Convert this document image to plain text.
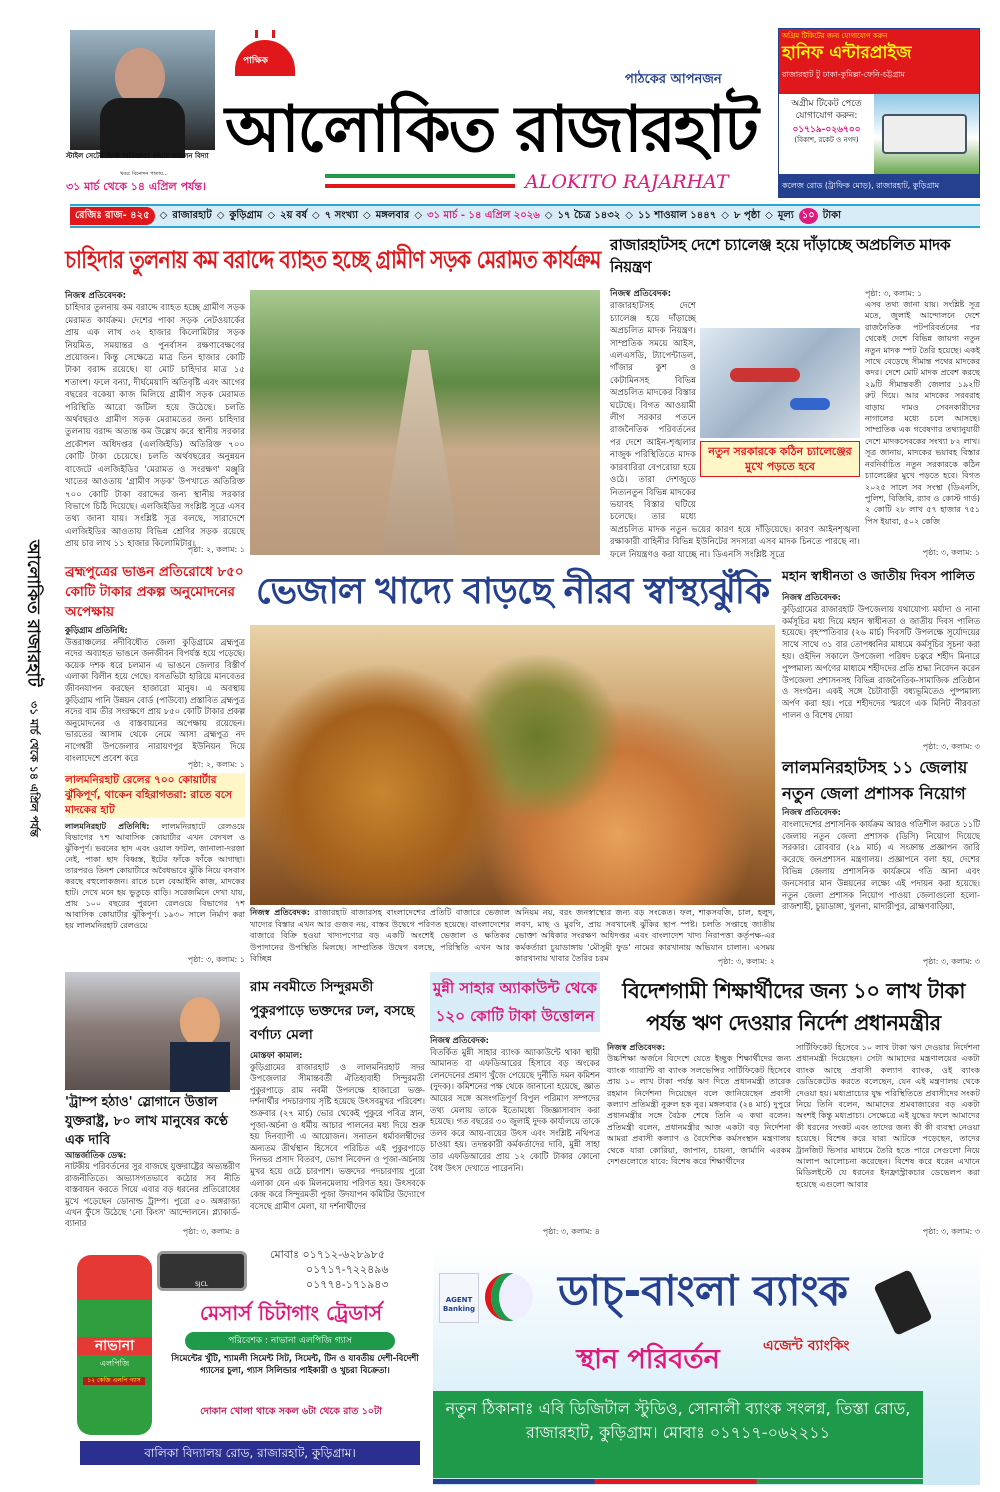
স্টাইল সেটের ভিক্ত অভিজ্ঞতা শেয়ার করলেন বিদ্যা
খবর: বিনোদন পাতায়...
৩১ মার্চ থেকে ১৪ এপ্রিল পর্যন্ত।
পাক্ষিক
পাঠকের আপনজন
আলোকিত রাজারহাট
ALOKITO RAJARHAT
অগ্রিম টিকিটের জন্য যোগাযোগ করুন
হানিফ এন্টারপ্রাইজ
রাজারহাট টু ঢাকা-কুমিল্লা-ফেনি-চট্টগ্রাম
অগ্রীম টিকেট পেতে যোগাযোগ করুন:
০১৭১৯-০২৬৭০০
(বিকাশ, রকেট ও নগদ)
কলেজ রোড (ট্রাফিক মোড়), রাজারহাট, কুড়িগ্রাম
রেজিঃ রাজ- ৪২৫	◇ রাজারহাট ◇ কুড়িগ্রাম ◇ ২য় বর্ষ ◇ ৭ সংখ্যা ◇ মঙ্গলবার ◇ ৩১ মার্চ - ১৪ এপ্রিল ২০২৬ ◇ ১৭ চৈত্র ১৪৩২ ◇ ১১ শাওয়াল ১৪৪৭ ◇ ৮ পৃষ্ঠা ◇ মূল্য ১০ টাকা
আলোকিত রাজারহাট
৩১ মার্চ থেকে ১৪ এপ্রিল পর্যন্ত
চাহিদার তুলনায় কম বরাদ্দে ব্যাহত হচ্ছে গ্রামীণ সড়ক মেরামত কার্যক্রম
নিজস্ব প্রতিবেদক:
চাহিদার তুলনায় কম বরাদ্দে ব্যাহত হচ্ছে গ্রামীণ সড়ক মেরামত কার্যক্রম। দেশের পাকা সড়ক নেটওয়ার্কের প্রায় এক লাখ ৩২ হাজার কিলোমিটার সড়ক নিয়মিত, সময়ান্তর ও পুনর্বাসন রক্ষণাবেক্ষণের প্রয়োজন। কিন্তু সেক্ষেত্রে মাত্র তিন হাজার কোটি টাকা বরাদ্দ রয়েছে। যা মোট চাহিদার মাত্র ১৫ শতাংশ। ফলে বন্যা, দীর্ঘমেয়াদি অতিবৃষ্টি এবং আগের বছরের বকেয়া কাজ মিলিয়ে গ্রামীণ সড়ক মেরামত পরিস্থিতি আরো জটিল হয়ে উঠেছে। চলতি অর্থবছরও গ্রামীণ সড়ক মেরামতের জন্য চাহিদার তুলনায় বরাদ্দ অত্যন্ত কম উল্লেখ করে স্থানীয় সরকার প্রকৌশল অধিদপ্তর (এলজিইডি) অতিরিক্ত ৭০০ কোটি টাকা চেয়েছে। চলতি অর্থবছরের অনুন্নয়ন বাজেটে এলজিইডির 'মেরামত ও সংরক্ষণ' মঞ্জুরি খাতের আওতায় 'গ্রামীণ সড়ক' উপখাতে অতিরিক্ত ৭০০ কোটি টাকা বরাদ্দের জন্য স্থানীয় সরকার বিভাগে চিঠি দিয়েছে। এলজিইডির সংশ্লিষ্ট সূত্রে এসব তথ্য জানা যায়। সংশ্লিষ্ট সূত্র বলছে, সারাদেশে এলজিইডির আওতায় বিভিন্ন শ্রেণির সড়ক রয়েছে প্রায় চার লাখ ১১ হাজার কিলোমিটার।
পৃষ্ঠা: ২, কলাম: ১
রাজারহাটসহ দেশে চ্যালেঞ্জ হয়ে দাঁড়াচ্ছে অপ্রচলিত মাদক নিয়ন্ত্রণ
নতুন সরকারকে কঠিন চ্যালেঞ্জের মুখে পড়তে হবে
নিজস্ব প্রতিবেদক:
রাজারহাটসহ দেশে চ্যালেঞ্জ হয়ে দাঁড়াচ্ছে অপ্রচলিত মাদক নিয়ন্ত্রণ। সাম্প্রতিক সময়ে আইস, এলএসডি, ট্যাপেন্টাডল, গাঁজার কুশ ও কেটামিনসহ বিভিন্ন অপ্রচলিত মাদকের বিস্তার ঘটেছে। বিগত আওয়ামী লীগ সরকার পতনে রাজনৈতিক পরিবর্তনের পর দেশে আইন-শৃঙ্খলার নাজুক পরিস্থিতিতে মাদক কারবারিরা বেপরোয়া হয়ে ওঠে। তারা দেশজুড়ে নিত্যনতুন বিভিন্ন মাদকের ভয়াবহ বিস্তার ঘটিয়ে চলেছে। তার মধ্যে অপ্রচলিত মাদক নতুন ভয়ের কারণ হয়ে দাঁড়িয়েছে। কারণ আইনশৃঙ্খলা রক্ষাকারী বাহিনীর বিভিন্ন ইউনিটের সদস্যরা এসব মাদক চিনতে পারছে না। ফলে নিয়ন্ত্রণও করা যাচ্ছে না। ডিএনসি সংশ্লিষ্ট সূত্রে
পৃষ্ঠা: ৩, কলাম: ১
এসব তথ্য জানা যায়। সংশ্লিষ্ট সূত্র মতে, জুলাই আন্দোলনে দেশে রাজনৈতিক পটপরিবর্তনের পর থেকেই দেশে বিভিন্ন জায়গা নতুন নতুন মাদক স্পট তৈরি হয়েছে। একই সাথে বেড়েছে সীমান্ত পথের মাদকের কদর। দেশে মোট মাদক প্রবেশ করছে ২৯টি সীমান্তবর্তী জেলার ১৯২টি রুট দিয়ে। আর মাদকের সরবরাহ বাড়ায় দামও সেবনকারীদের নাগালের মধ্যে চলে আসছে। সাম্প্রতিক এক গবেষণার তথ্যানুযায়ী দেশে মাদকসেবকের সংখ্যা ৮২ লাখ। সূত্র জানায়, মাদকের ভয়াবহ বিস্তার নবনির্বাচিত নতুন সরকারকে কঠিন চ্যালেঞ্জের মুখে পড়তে হবে। বিগত ২০২৫ সালে সব সংস্থা (ডিএনসি, পুলিশ, বিজিবি, র‍্যাব ও কোস্ট গার্ড) ২ কোটি ২৮ লাখ ৫৭ হাজার ৭৫১ পিস ইয়াবা, ৫০২ কেজি
পৃষ্ঠা: ৩, কলাম: ১
ব্রহ্মপুত্রের ভাঙন প্রতিরোধে ৮৫০ কোটি টাকার প্রকল্প অনুমোদনের অপেক্ষায়
কুড়িগ্রাম প্রতিনিধি:
উত্তরাঞ্চলের নদীবিধৌত জেলা কুড়িগ্রামে ব্রহ্মপুত্র নদের অব্যাহত ভাঙনে জনজীবন বিপর্যস্ত হয়ে পড়েছে। কয়েক দশক ধরে চলমান এ ভাঙনে জেলার বিস্তীর্ণ এলাকা বিলীন হয়ে গেছে। বসতভিটা হারিয়ে মানবেতর জীবনযাপন করছেন হাজারো মানুষ। এ অবস্থায় কুড়িগ্রাম পানি উন্নয়ন বোর্ড (পাউবো) প্রস্তাবিত ব্রহ্মপুত্র নদের বাম তীর সংরক্ষণে প্রায় ৮৫০ কোটি টাকার প্রকল্প অনুমোদনের ও বাস্তবায়নের অপেক্ষায় রয়েছেন। ভারতের আসাম থেকে নেমে আসা ব্রহ্মপুত্র নদ নাগেশ্বরী উপজেলার নারায়ণপুর ইউনিয়ন দিয়ে বাংলাদেশে প্রবেশ করে
পৃষ্ঠা: ২, কলাম: ১
লালমনিরহাট রেলের ৭০০ কোয়ার্টার ঝুঁকিপূর্ণ, থাকেন বহিরাগতরা: রাতে বসে মাদকের হাট
লালমনিরহাট প্রতিনিধি: লালমনিরহাটে রেলওয়ে বিভাগের ৭শ আবাসিক কোয়ার্টার এখন বেদখল ও ঝুঁকিপূর্ণ। ভবনের ছাদ এবং ওয়াল ফাটল, জানালা-দরজা নেই, পাকা ছাদ বিধ্বস্ত, ইটের ফাঁকে ফাঁকে আগাছা। তারপরও তিনশ কোয়ার্টারে অবৈধভাবে ঝুঁকি নিয়ে বসবাস করছে বহুলোকজন। রাতে চলে বেআইনি কাজ, মাদকের হাট। দেখে মনে হয় ভুতুড়ে বাড়ি। সরেজমিনে দেখা যায়, প্রায় ১০০ বছরের পুরনো রেলওয়ে বিভাগের ৭শ আবাসিক কোয়ার্টার ঝুঁকিপূর্ণ। ১৯৩০ সালে নির্মাণ করা হয় লালমনিরহাট রেলওয়ে
পৃষ্ঠা: ৩, কলাম: ১
ভেজাল খাদ্যে বাড়ছে নীরব স্বাস্থ্যঝুঁকি
নিজস্ব প্রতিবেদক: রাজারহাট বাজারসহ বাংলাদেশের প্রতিটি বাজারে ভেজাল খাদ্যের বিস্তার এখন আর গুজব নয়, বাস্তব উদ্বেগে পরিণত হয়েছে। বাংলাদেশের বাজারে বিক্রি হওয়া খাদ্যপণ্যের বড় একটি অংশেই ভেজাল ও ক্ষতিকর উপাদানের উপস্থিতি মিলছে। সাম্প্রতিক উদ্বেগ বলছে, পরিস্থিতি এখন আর বিচ্ছিন্ন
অনিয়ম নয়, বরং জনস্বাস্থ্যের জন্য বড় সংকেত। ফল, শাকসবজি, চাল, হলুদ, লবণ, মাছ ও মুরগি, প্রায় সবখানেই ঝুঁকির ছাপ স্পষ্ট। চলতি সপ্তাহে জাতীয় ভোক্তা অধিকার সংরক্ষণ অধিদপ্তর এবং বাংলাদেশ খাদ্য নিরাপত্তা কর্তৃপক্ষ-এর কর্মকর্তারা চুয়াডাঙ্গায় 'মৌসুমী ফুড' নামের কারখানায় অভিযান চালান। এসময় কারখানায় খাবার তৈরির চরম	পৃষ্ঠা: ৩, কলাম: ২
মহান স্বাধীনতা ও জাতীয় দিবস পালিত
নিজস্ব প্রতিবেদক:
কুড়িগ্রামের রাজারহাট উপজেলায় যথাযোগ্য মর্যাদা ও নানা কর্মসূচির মধ্য দিয়ে মহান স্বাধীনতা ও জাতীয় দিবস পালিত হয়েছে। বৃহস্পতিবার (২৬ মার্চ) দিবসটি উপলক্ষে সূর্যোদয়ের সাথে সাথে ৩১ বার তোপধ্বনির মাধ্যমে কর্মসূচির সূচনা করা হয়। ওইদিন সকালে উপজেলা পরিষদ চত্বরে শহীদ মিনারে পুষ্পমাল্য অর্পণের মাধ্যমে শহীদদের প্রতি শ্রদ্ধা নিবেদন করেন উপজেলা প্রশাসনসহ বিভিন্ন রাজনৈতিক-সামাজিক প্রতিষ্ঠান ও সংগঠন। একই সঙ্গে চৈটাবাড়ী বধ্যভূমিতেও পুষ্পমাল্য অর্পণ করা হয়। পরে শহীদদের স্মরণে এক মিনিট নীরবতা পালন ও বিশেষ দোয়া
পৃষ্ঠা: ৩, কলাম: ৩
লালমনিরহাটসহ ১১ জেলায় নতুন জেলা প্রশাসক নিয়োগ
নিজস্ব প্রতিবেদক:
বাংলাদেশের প্রশাসনিক কার্যক্রম আরও গতিশীল করতে ১১টি জেলায় নতুন জেলা প্রশাসক (ডিসি) নিয়োগ দিয়েছে সরকার। রোববার (২৯ মার্চ) এ সংক্রান্ত প্রজ্ঞাপন জারি করেছে জনপ্রশাসন মন্ত্রণালয়। প্রজ্ঞাপনে বলা হয়, দেশের বিভিন্ন জেলায় প্রশাসনিক কার্যক্রমে গতি আনা এবং জনসেবার মান উন্নয়নের লক্ষ্যে এই পদায়ন করা হয়েছে। নতুন জেলা প্রশাসক নিয়োগ পাওয়া জেলাগুলো হলো- রাজশাহী, চুয়াডাঙ্গা, খুলনা, মাদারীপুর, ব্রাহ্মণবাড়িয়া,
পৃষ্ঠা: ৩, কলাম: ৩
'ট্রাম্প হঠাও' স্লোগানে উত্তাল যুক্তরাষ্ট্র, ৮০ লাখ মানুষের কণ্ঠে এক দাবি
আন্তর্জাতিক ডেস্ক:
নাটকীয় পরিবর্তনের সুর বাজছে যুক্তরাষ্ট্রের অভ্যন্তরীণ রাজনীতিতে। অভ্যাসগতভাবে কঠোর সব নীতি বাস্তবায়ন করতে গিয়ে এবার বড় ধরনের প্রতিরোধের মুখে পড়েছেন ডোনাল্ড ট্রাম্প। পুরো ৫০ অঙ্গরাজ্য এখন ফুঁসে উঠেছে 'নো কিংস' আন্দোলনে। প্ল্যাকার্ড-ব্যানার
পৃষ্ঠা: ৩, কলাম: ৪
রাম নবমীতে সিন্দুরমতী পুকুরপাড়ে ভক্তদের ঢল, বসছে বর্ণাঢ্য মেলা
মোস্তফা কামাল:
কুড়িগ্রামের রাজারহাট ও লালমনিরহাট সদর উপজেলার সীমান্তবর্তী ঐতিহ্যবাহী সিন্দুরমতী পুকুরপাড়ে রাম নবমী উপলক্ষে হাজারো ভক্ত-দর্শনার্থীর পদচারণায় সৃষ্টি হয়েছে উৎসবমুখর পরিবেশ। শুক্রবার (২৭ মার্চ) ভোর থেকেই পুকুরে পবিত্র স্নান, পূজা-অর্চনা ও ধর্মীয় আচার পালনের মধ্য দিয়ে শুরু হয় দিনব্যাপী এ আয়োজন। সনাতন ধর্মাবলম্বীদের অন্যতম তীর্থস্থান হিসেবে পরিচিত এই পুকুরপাড়ে দিনভর প্রসাদ বিতরণ, ভোগ নিবেদন ও পূজা-অর্চনায় মুখর হয়ে ওঠে চারপাশ। ভক্তদের পদচারণায় পুরো এলাকা যেন এক মিলনমেলায় পরিণত হয়। উৎসবকে কেন্দ্র করে সিন্দুরমতী পুজা উদযাপন কমিটির উদ্যোগে বসেছে গ্রামীণ মেলা, যা দর্শনার্থীদের
মুন্নী সাহার অ্যাকাউন্ট থেকে ১২০ কোটি টাকা উত্তোলন
নিজস্ব প্রতিবেদক:
বিতর্কিত মুন্নী সাহার ব্যাংক অ্যাকাউন্টে থাকা স্থায়ী আমানত বা এফডিআরের হিসাবে বড় অংকের লেনদেনের প্রমাণ খুঁজে পেয়েছে দুর্নীতি দমন কমিশন (দুদক)। কমিশনের পক্ষ থেকে জানানো হয়েছে, জ্ঞাত আয়ের সঙ্গে অসংগতিপূর্ণ বিপুল পরিমাণ সম্পদের তথ্য মেলায় তাকে ইতোমধ্যে জিজ্ঞাসাবাদ করা হয়েছে। গত বছরের ৩০ জুলাই দুদক কার্যালয়ে তাকে তলব করে আয়-ব্যয়ের উৎস এবং সংশ্লিষ্ট নথিপত্র চাওয়া হয়। তদন্তকারী কর্মকর্তাদের দাবি, মুন্নী সাহা তার এফডিআরের প্রায় ১২ কোটি টাকার কোনো বৈধ উৎস দেখাতে পারেননি।
পৃষ্ঠা: ৩, কলাম: ৪
বিদেশগামী শিক্ষার্থীদের জন্য ১০ লাখ টাকা পর্যন্ত ঋণ দেওয়ার নির্দেশ প্রধানমন্ত্রীর
নিজস্ব প্রতিবেদক:
উচ্চশিক্ষা অর্জনে বিদেশে যেতে ইচ্ছুক শিক্ষার্থীদের জন্য ব্যাংক গ্যারান্টি বা ব্যাংক সলভেন্সির সার্টিফিকেট হিসেবে প্রায় ১০ লাখ টাকা পর্যন্ত ঋণ দিতে প্রধানমন্ত্রী তারেক রহমান নির্দেশনা দিয়েছেন বলে জানিয়েছেন প্রবাসী কল্যাণ প্রতিমন্ত্রী নুরুল হক নুর। মঙ্গলবার (২৪ মার্চ) দুপুরে প্রধানমন্ত্রীর সঙ্গে বৈঠক শেষে তিনি এ কথা বলেন। প্রতিমন্ত্রী বলেন, প্রধানমন্ত্রীর আজ একটা বড় নির্দেশনা আমরা প্রবাসী কল্যাণ ও বৈদেশিক কর্মসংস্থান মন্ত্রণালয় থেকে যারা কোরিয়া, জাপান, চায়না, জার্মানি এরকম দেশগুলোতে যাবে: বিশেষ করে শিক্ষার্থীদের
সার্টিফিকেট হিসেবে ১০ লাখ টাকা ঋণ দেওয়ার নির্দেশনা প্রধানমন্ত্রী দিয়েছেন। সেটা আমাদের মন্ত্রণালয়ের একটা ব্যাংক আছে প্রবাসী কল্যাণ ব্যাংক, ওই ব্যাংক ডেডিকেটেড করতে বলেছেন, যেন এই মন্ত্রণালয় থেকে দেওয়া হয়। মধ্যপ্রাচ্যের যুদ্ধ পরিস্থিতিতে প্রবাসীদের সংকট নিয়ে তিনি বলেন, আমাদের শ্রমবাজারের বড় একটা অংশই কিন্তু মধ্যপ্রাচ্য। সেক্ষেত্রে এই যুদ্ধের ফলে আমাদের কী ধরনের সংকট এবং তাদের জন্য কী কী ব্যবস্থা নেওয়া হয়েছে। বিশেষ করে যারা আটকে পড়েছেন, তাদের ট্রানজিট ভিসার মাধ্যমে তৈরি হতে পারে সেগুলো নিয়ে আলাপ আলোচনা করেছেন। বিশেষ করে ধরেন এখানে মিডিলইস্টে যে ধরনের ইনফ্রাস্ট্রাকচার ডেভেলপ করা হয়েছে এগুলো আবার
পৃষ্ঠা: ৩, কলাম: ৩
নাভানা
এলপিজি
১২ কেজি এলপি গ্যাস
SJCL
মোবাঃ ০১৭১২-৬২৮৯৮৫
০১৭১৭-৭২২৪৯৬
০১৭৭৪-১৭১৯৪৩
মেসার্স চিটাগাং ট্রেডার্স
পরিবেশক : নাভানা এলপিজি গ্যাস
সিমেন্টের খুঁটি, শ্যামলী সিমেন্ট সিট, সিমেন্ট, টিন ও যাবতীয় দেশী-বিদেশী গ্যাসের চুলা, গ্যাস সিলিন্ডার পাইকারী ও খুচরা বিক্রেতা।
দোকান খোলা থাকে সকল ৬টা থেকে রাত ১০টা
বালিকা বিদ্যালয় রোড, রাজারহাট, কুড়িগ্রাম।
AGENT Banking	ডাচ্-বাংলা ব্যাংক
স্থান পরিবর্তন	এজেন্ট ব্যাংকিং
নতুন ঠিকানাঃ এবি ডিজিটাল স্টুডিও, সোনালী ব্যাংক সংলগ্ন, তিস্তা রোড, রাজারহাট, কুড়িগ্রাম। মোবাঃ ০১৭১৭-০৬২২১১
